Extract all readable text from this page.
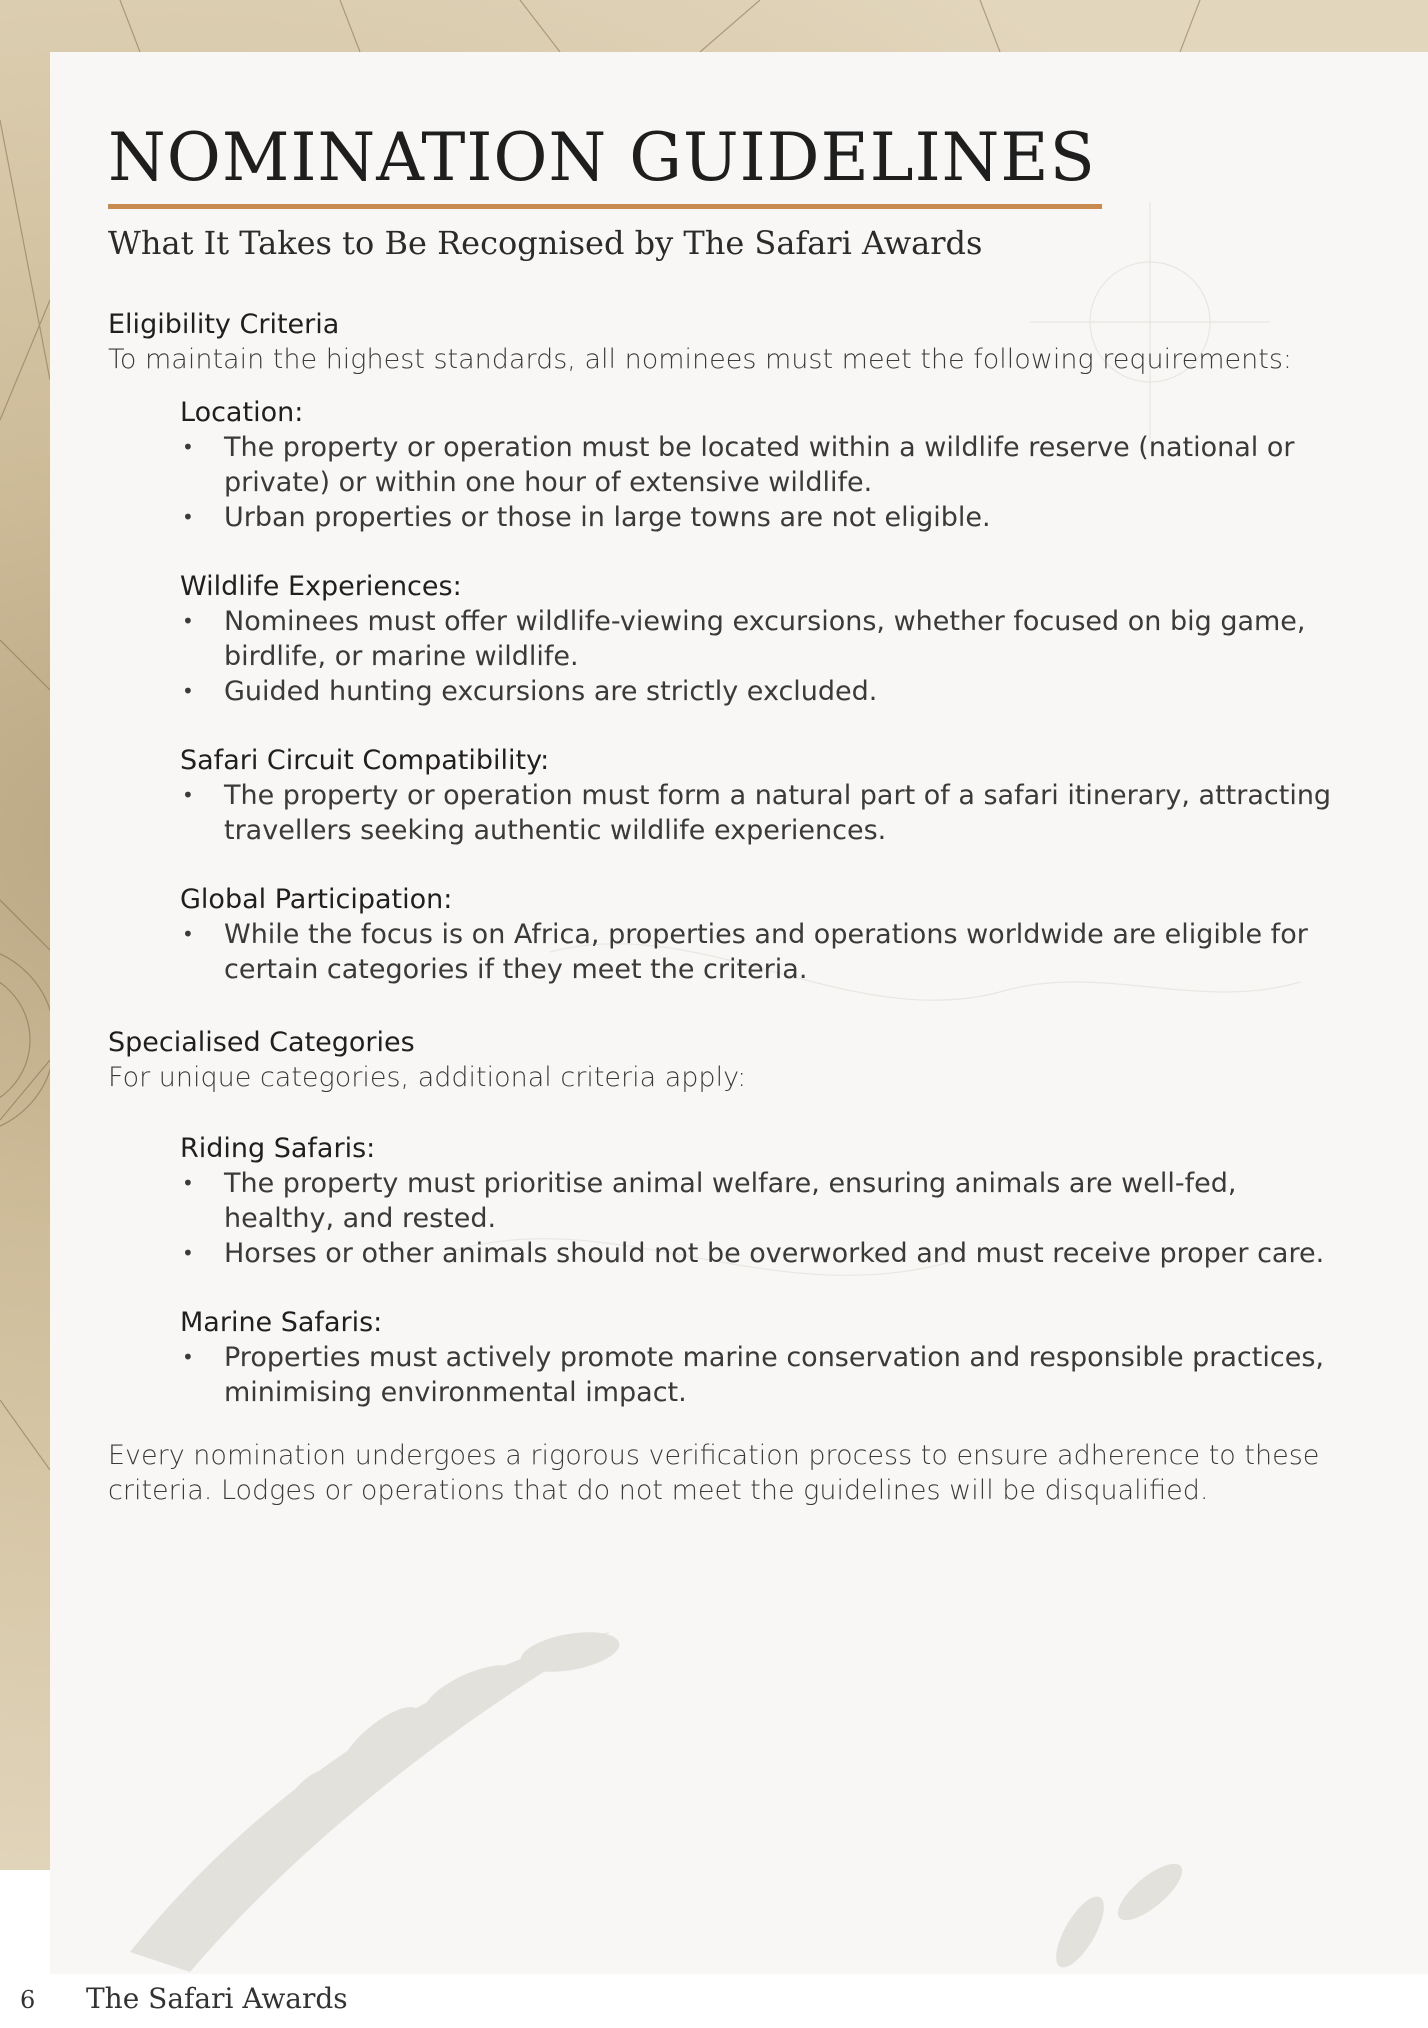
NOMINATION GUIDELINES
What It Takes to Be Recognised by The Safari Awards
Eligibility Criteria
To maintain the highest standards, all nominees must meet the following requirements:
Location:
• The property or operation must be located within a wildlife reserve (national or private) or within one hour of extensive wildlife.
• Urban properties or those in large towns are not eligible.
Wildlife Experiences:
• Nominees must offer wildlife-viewing excursions, whether focused on big game, birdlife, or marine wildlife.
• Guided hunting excursions are strictly excluded.
Safari Circuit Compatibility:
• The property or operation must form a natural part of a safari itinerary, attracting travellers seeking authentic wildlife experiences.
Global Participation:
• While the focus is on Africa, properties and operations worldwide are eligible for certain categories if they meet the criteria.
Specialised Categories
For unique categories, additional criteria apply:
Riding Safaris:
• The property must prioritise animal welfare, ensuring animals are well-fed, healthy, and rested.
• Horses or other animals should not be overworked and must receive proper care.
Marine Safaris:
• Properties must actively promote marine conservation and responsible practices, minimising environmental impact.
Every nomination undergoes a rigorous verification process to ensure adherence to these criteria. Lodges or operations that do not meet the guidelines will be disqualified.
6 The Safari Awards
